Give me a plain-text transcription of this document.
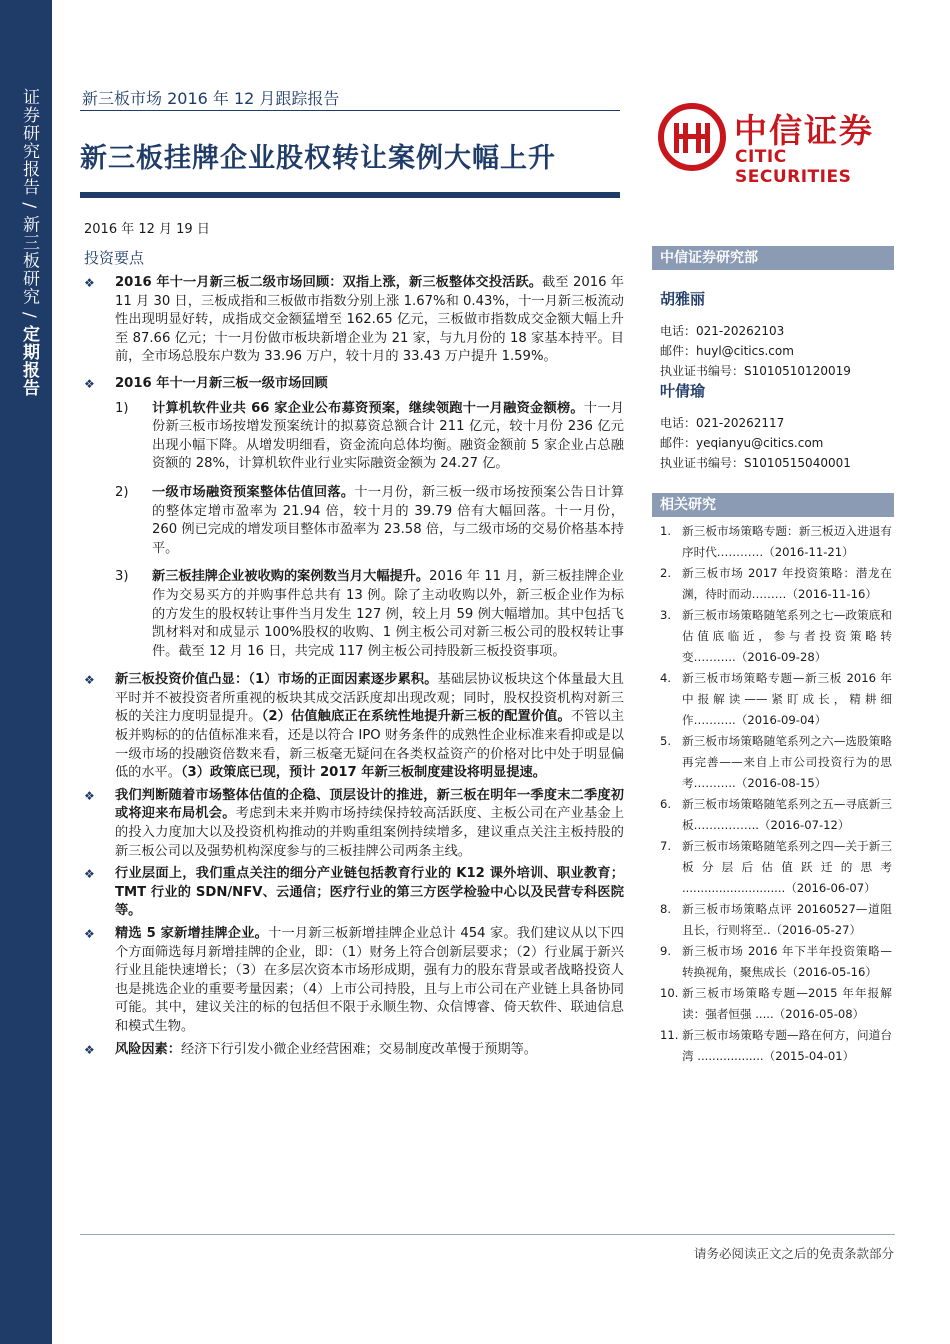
证券研究报告 / 新三板研究 / 定期报告
新三板市场 2016 年 12 月跟踪报告
新三板挂牌企业股权转让案例大幅上升
中信证券
CITIC SECURITIES
2016 年 12 月 19 日
投资要点
❖ 2016 年十一月新三板二级市场回顾：双指上涨，新三板整体交投活跃。截至 2016 年 11 月 30 日，三板成指和三板做市指数分别上涨 1.67%和 0.43%，十一月新三板流动性出现明显好转，成指成交金额猛增至 162.65 亿元，三板做市指数成交金额大幅上升至 87.66 亿元；十一月份做市板块新增企业为 21 家，与九月份的 18 家基本持平。目前，全市场总股东户数为 33.96 万户，较十月的 33.43 万户提升 1.59%。
❖ 2016 年十一月新三板一级市场回顾
1) 计算机软件业共 66 家企业公布募资预案，继续领跑十一月融资金额榜。十一月份新三板市场按增发预案统计的拟募资总额合计 211 亿元，较十月份 236 亿元出现小幅下降。从增发明细看，资金流向总体均衡。融资金额前 5 家企业占总融资额的 28%，计算机软件业行业实际融资金额为 24.27 亿。
2) 一级市场融资预案整体估值回落。十一月份，新三板一级市场按预案公告日计算的整体定增市盈率为 21.94 倍，较十月的 39.79 倍有大幅回落。十一月份，260 例已完成的增发项目整体市盈率为 23.58 倍，与二级市场的交易价格基本持平。
3) 新三板挂牌企业被收购的案例数当月大幅提升。2016 年 11 月，新三板挂牌企业作为交易买方的并购事件总共有 13 例。除了主动收购以外，新三板企业作为标的方发生的股权转让事件当月发生 127 例，较上月 59 例大幅增加。其中包括飞凯材料对和成显示 100%股权的收购、1 例主板公司对新三板公司的股权转让事件。截至 12 月 16 日，共完成 117 例主板公司持股新三板投资事项。
❖ 新三板投资价值凸显：（1）市场的正面因素逐步累积。基础层协议板块这个体量最大且平时并不被投资者所重视的板块其成交活跃度却出现改观；同时，股权投资机构对新三板的关注力度明显提升。（2）估值触底正在系统性地提升新三板的配置价值。不管以主板并购标的的估值标准来看，还是以符合 IPO 财务条件的成熟性企业标准来看抑或是以一级市场的投融资倍数来看，新三板毫无疑问在各类权益资产的价格对比中处于明显偏低的水平。（3）政策底已现，预计 2017 年新三板制度建设将明显提速。
❖ 我们判断随着市场整体估值的企稳、顶层设计的推进，新三板在明年一季度末二季度初或将迎来布局机会。考虑到未来并购市场持续保持较高活跃度、主板公司在产业基金上的投入力度加大以及投资机构推动的并购重组案例持续增多，建议重点关注主板持股的新三板公司以及强势机构深度参与的三板挂牌公司两条主线。
❖ 行业层面上，我们重点关注的细分产业链包括教育行业的 K12 课外培训、职业教育；TMT 行业的 SDN/NFV、云通信；医疗行业的第三方医学检验中心以及民营专科医院等。
❖ 精选 5 家新增挂牌企业。十一月新三板新增挂牌企业总计 454 家。我们建议从以下四个方面筛选每月新增挂牌的企业，即：（1）财务上符合创新层要求；（2）行业属于新兴行业且能快速增长；（3）在多层次资本市场形成期，强有力的股东背景或者战略投资人也是挑选企业的重要考量因素；（4）上市公司持股，且与上市公司在产业链上具备协同可能。其中，建议关注的标的包括但不限于永顺生物、众信博睿、倚天软件、联迪信息和模式生物。
❖ 风险因素：经济下行引发小微企业经营困难；交易制度改革慢于预期等。
中信证券研究部
胡雅丽
电话：021-20262103
邮件：huyl@citics.com
执业证书编号：S1010510120019
叶倩瑜
电话：021-20262117
邮件：yeqianyu@citics.com
执业证书编号：S1010515040001
相关研究
1. 新三板市场策略专题：新三板迈入进退有序时代…………（2016-11-21）
2. 新三板市场 2017 年投资策略：潜龙在渊，待时而动………（2016-11-16）
3. 新三板市场策略随笔系列之七—政策底和估值底临近，参与者投资策略转变………..（2016-09-28）
4. 新三板市场策略专题—新三板 2016 年中报解读——紧盯成长，精耕细作………..（2016-09-04）
5. 新三板市场策略随笔系列之六—选股策略再完善——来自上市公司投资行为的思考………..（2016-08-15）
6. 新三板市场策略随笔系列之五—寻底新三板……………..（2016-07-12）
7. 新三板市场策略随笔系列之四—关于新三板分层后估值跃迁的思考 ............................（2016-06-07）
8. 新三板市场策略点评 20160527—道阻且长，行则将至..（2016-05-27）
9. 新三板市场 2016 年下半年投资策略—转换视角，聚焦成长（2016-05-16）
10. 新三板市场策略专题—2015 年年报解读：强者恒强 .....（2016-05-08）
11. 新三板市场策略专题—路在何方，问道台湾 ..................（2015-04-01）
请务必阅读正文之后的免责条款部分
